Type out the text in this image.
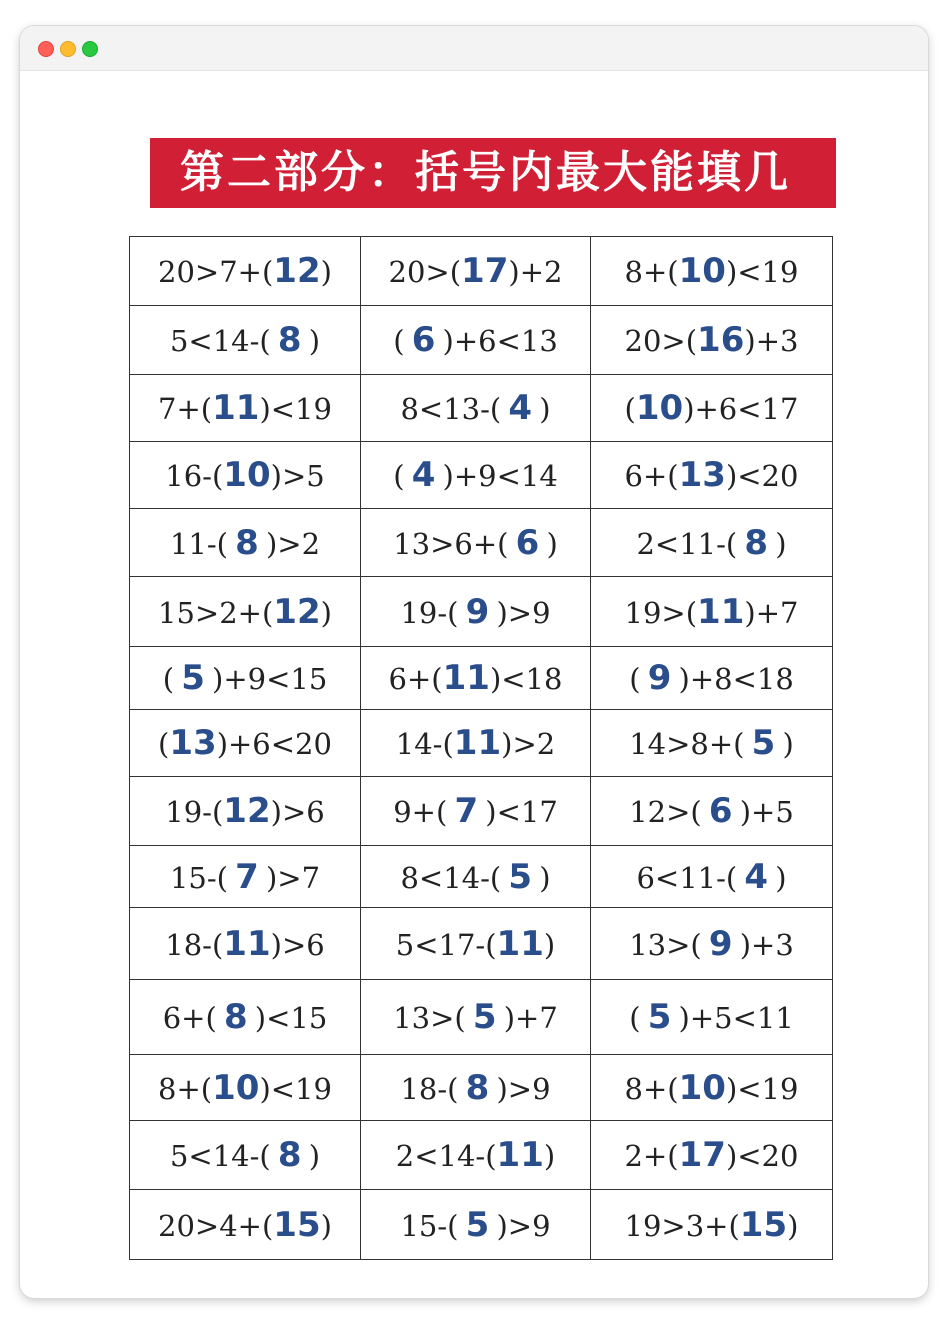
第二部分：括号内最大能填几
20>7+(12)	20>(17)+2	8+(10)<19
5<14-( 8 )	( 6 )+6<13	20>(16)+3
7+(11)<19	8<13-( 4 )	(10)+6<17
16-(10)>5	( 4 )+9<14	6+(13)<20
11-( 8 )>2	13>6+( 6 )	2<11-( 8 )
15>2+(12)	19-( 9 )>9	19>(11)+7
( 5 )+9<15	6+(11)<18	( 9 )+8<18
(13)+6<20	14-(11)>2	14>8+( 5 )
19-(12)>6	9+( 7 )<17	12>( 6 )+5
15-( 7 )>7	8<14-( 5 )	6<11-( 4 )
18-(11)>6	5<17-(11)	13>( 9 )+3
6+( 8 )<15	13>( 5 )+7	( 5 )+5<11
8+(10)<19	18-( 8 )>9	8+(10)<19
5<14-( 8 )	2<14-(11)	2+(17)<20
20>4+(15)	15-( 5 )>9	19>3+(15)
